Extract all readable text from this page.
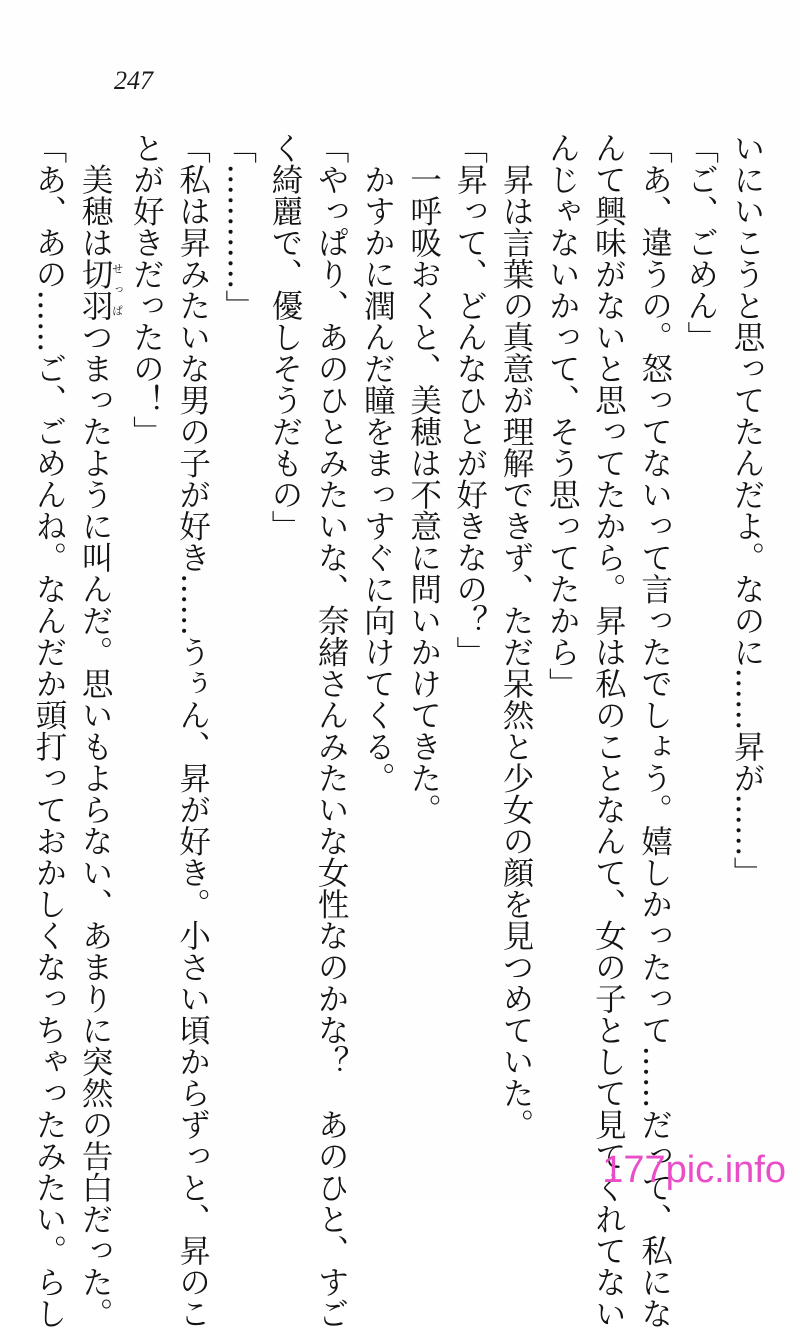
247
いにいこうと思ってたんだよ。なのに……昇が……」
「ご、ごめん」
「あ、違うの。怒ってないって言ったでしょう。嬉しかったって……だって、私にな
んて興味がないと思ってたから。昇は私のことなんて、女の子として見てくれてない
んじゃないかって、そう思ってたから」
　昇は言葉の真意が理解できず、ただ呆然と少女の顔を見つめていた。
「昇って、どんなひとが好きなの？」
　一呼吸おくと、美穂は不意に問いかけてきた。
　かすかに潤んだ瞳をまっすぐに向けてくる。
「やっぱり、あのひとみたいな、奈緒さんみたいな女性なのかな？　あのひと、すご
く綺麗で、優しそうだもの」
「…………」
「私は昇みたいな男の子が好き……うぅん、昇が好き。小さい頃からずっと、昇のこ
とが好きだったの！」
　美穂は切羽せっぱつまったように叫んだ。思いもよらない、あまりに突然の告白だった。
「あ、あの……ご、ごめんね。なんだか頭打っておかしくなっちゃったみたい。らし	177pic.info
